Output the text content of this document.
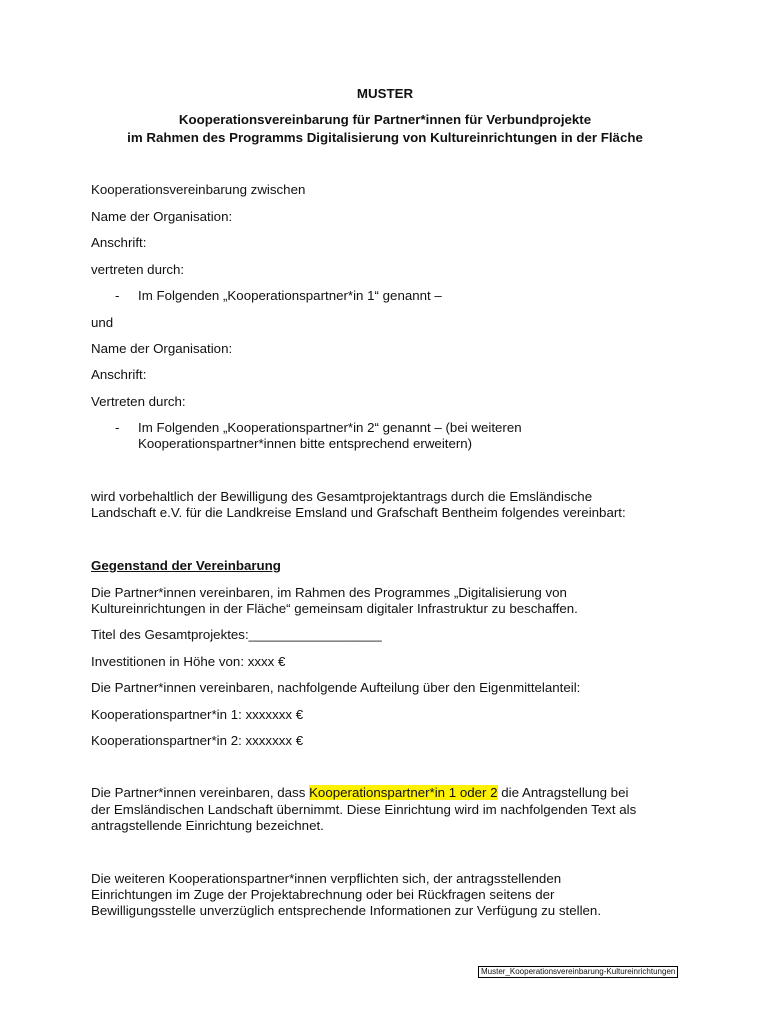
MUSTER
Kooperationsvereinbarung für Partner*innen für Verbundprojekte
im Rahmen des Programms Digitalisierung von Kultureinrichtungen in der Fläche
Kooperationsvereinbarung zwischen
Name der Organisation:
Anschrift:
vertreten durch:
- Im Folgenden „Kooperationspartner*in 1“ genannt –
und
Name der Organisation:
Anschrift:
Vertreten durch:
- Im Folgenden „Kooperationspartner*in 2“ genannt – (bei weiteren
Kooperationspartner*innen bitte entsprechend erweitern)
wird vorbehaltlich der Bewilligung des Gesamtprojektantrags durch die Emsländische
Landschaft e.V. für die Landkreise Emsland und Grafschaft Bentheim folgendes vereinbart:
Gegenstand der Vereinbarung
Die Partner*innen vereinbaren, im Rahmen des Programmes „Digitalisierung von
Kultureinrichtungen in der Fläche“ gemeinsam digitaler Infrastruktur zu beschaffen.
Titel des Gesamtprojektes:__________________
Investitionen in Höhe von: xxxx €
Die Partner*innen vereinbaren, nachfolgende Aufteilung über den Eigenmittelanteil:
Kooperationspartner*in 1: xxxxxxx €
Kooperationspartner*in 2: xxxxxxx €
Die Partner*innen vereinbaren, dass Kooperationspartner*in 1 oder 2 die Antragstellung bei
der Emsländischen Landschaft übernimmt. Diese Einrichtung wird im nachfolgenden Text als
antragstellende Einrichtung bezeichnet.
Die weiteren Kooperationspartner*innen verpflichten sich, der antragsstellenden
Einrichtungen im Zuge der Projektabrechnung oder bei Rückfragen seitens der
Bewilligungsstelle unverzüglich entsprechende Informationen zur Verfügung zu stellen.
Muster_Kooperationsvereinbarung-Kultureinrichtungen
